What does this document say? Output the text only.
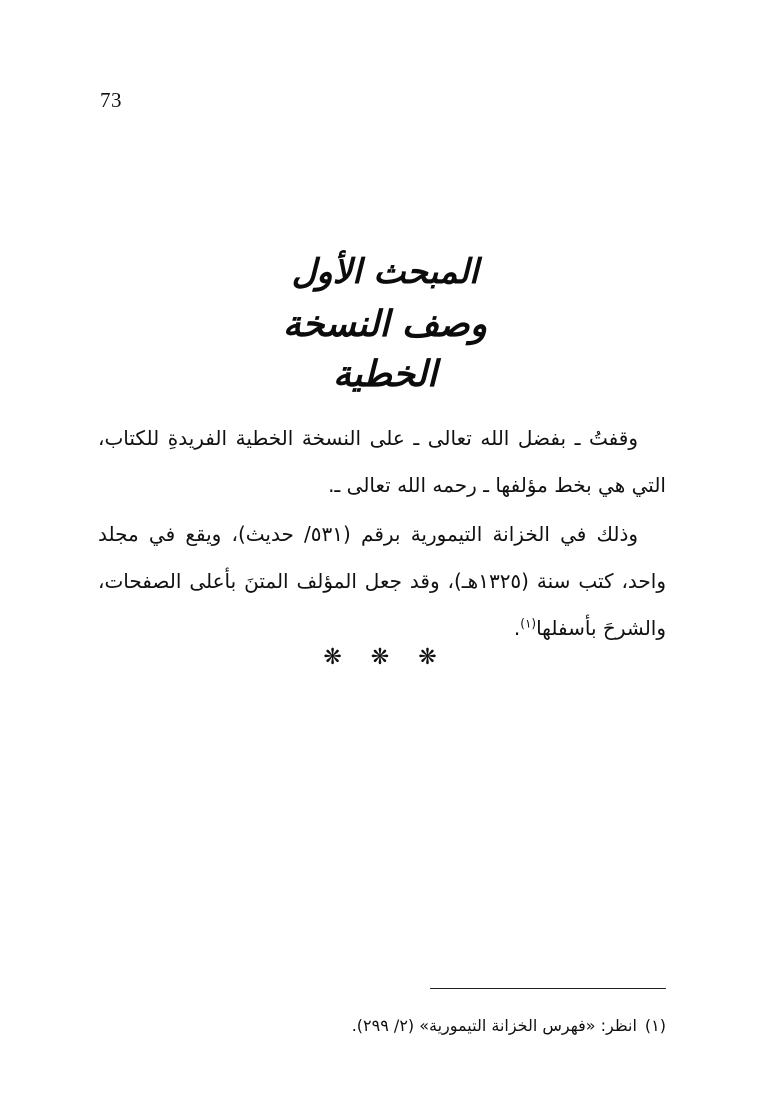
73
المبحث الأول
وصف النسخة الخطية
وقفتُ ـ بفضل الله تعالى ـ على النسخة الخطية الفريدةِ للكتاب، التي هي بخط مؤلفها ـ رحمه الله تعالى ـ.
وذلك في الخزانة التيمورية برقم (٥٣١/ حديث)، ويقع في مجلد واحد، كتب سنة (١٣٢٥هـ)، وقد جعل المؤلف المتنَ بأعلى الصفحات، والشرحَ بأسفلها$^{(١)}$.
❋ ❋ ❋
(١)انظر: «فهرس الخزانة التيمورية» (٢/ ٢٩٩).
